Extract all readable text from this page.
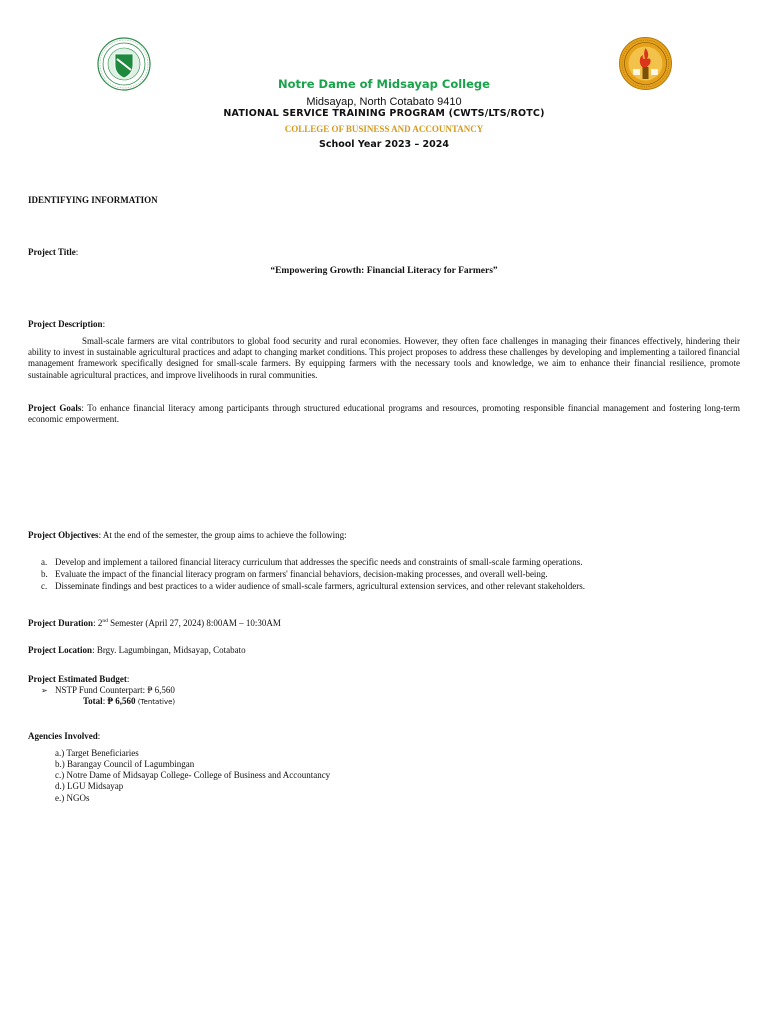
Notre Dame of Midsayap College
Midsayap, North Cotabato 9410
NATIONAL SERVICE TRAINING PROGRAM (CWTS/LTS/ROTC)
COLLEGE OF BUSINESS AND ACCOUNTANCY
School Year 2023 – 2024
IDENTIFYING INFORMATION
Project Title:
“Empowering Growth: Financial Literacy for Farmers”
Project Description:
Small-scale farmers are vital contributors to global food security and rural economies. However, they often face challenges in managing their finances effectively, hindering their ability to invest in sustainable agricultural practices and adapt to changing market conditions. This project proposes to address these challenges by developing and implementing a tailored financial management framework specifically designed for small-scale farmers. By equipping farmers with the necessary tools and knowledge, we aim to enhance their financial resilience, promote sustainable agricultural practices, and improve livelihoods in rural communities.
Project Goals: To enhance financial literacy among participants through structured educational programs and resources, promoting responsible financial management and fostering long-term economic empowerment.
Project Objectives: At the end of the semester, the group aims to achieve the following:
a. Develop and implement a tailored financial literacy curriculum that addresses the specific needs and constraints of small-scale farming operations.
b. Evaluate the impact of the financial literacy program on farmers' financial behaviors, decision-making processes, and overall well-being.
c. Disseminate findings and best practices to a wider audience of small-scale farmers, agricultural extension services, and other relevant stakeholders.
Project Duration: 2nd Semester (April 27, 2024) 8:00AM – 10:30AM
Project Location: Brgy. Lagumbingan, Midsayap, Cotabato
Project Estimated Budget:
➢ NSTP Fund Counterpart: ₱ 6,560
Total: ₱ 6,560 (Tentative)
Agencies Involved:
a.) Target Beneficiaries
b.) Barangay Council of Lagumbingan
c.) Notre Dame of Midsayap College- College of Business and Accountancy
d.) LGU Midsayap
e.) NGOs
